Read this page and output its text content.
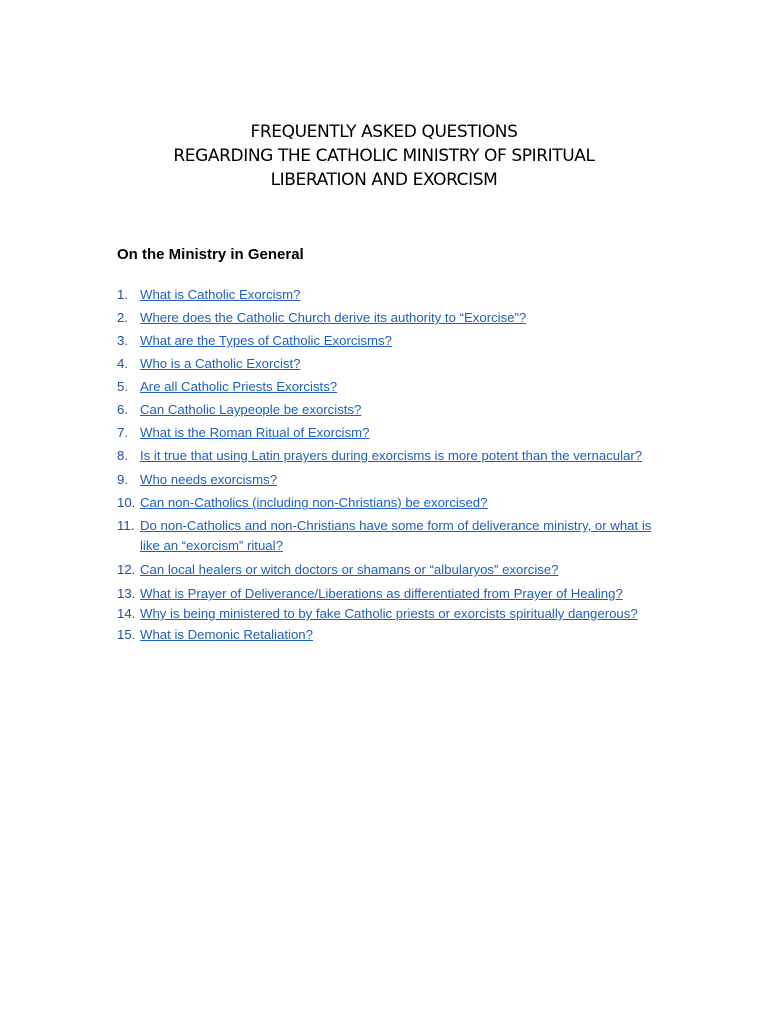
FREQUENTLY ASKED QUESTIONS
REGARDING THE CATHOLIC MINISTRY OF SPIRITUAL
LIBERATION AND EXORCISM
On the Ministry in General
1. What is Catholic Exorcism?
2. Where does the Catholic Church derive its authority to “Exorcise”?
3. What are the Types of Catholic Exorcisms?
4. Who is a Catholic Exorcist?
5. Are all Catholic Priests Exorcists?
6. Can Catholic Laypeople be exorcists?
7. What is the Roman Ritual of Exorcism?
8. Is it true that using Latin prayers during exorcisms is more potent than the vernacular?
9. Who needs exorcisms?
10. Can non-Catholics (including non-Christians) be exorcised?
11. Do non-Catholics and non-Christians have some form of deliverance ministry, or what is like an “exorcism” ritual?
12. Can local healers or witch doctors or shamans or “albularyos” exorcise?
13. What is Prayer of Deliverance/Liberations as differentiated from Prayer of Healing?
14. Why is being ministered to by fake Catholic priests or exorcists spiritually dangerous?
15. What is Demonic Retaliation?
